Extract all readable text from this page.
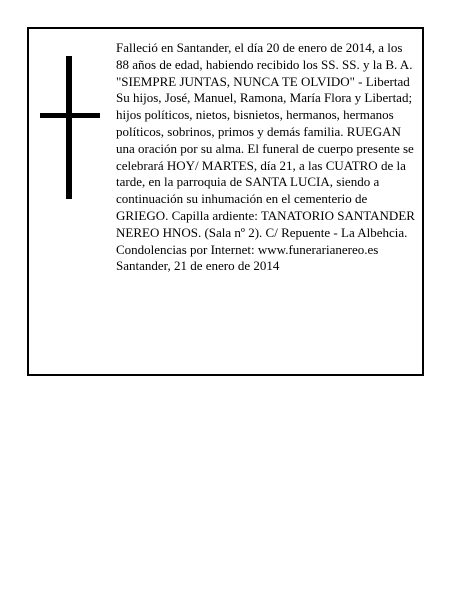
Falleció en Santander, el día 20 de enero de 2014, a los 88 años de edad, habiendo recibido los SS. SS. y la B. A.

"SIEMPRE JUNTAS, NUNCA TE OLVIDO" - Libertad

Su hijos, José, Manuel, Ramona, María Flora y Libertad; hijos políticos, nietos, bisnietos, hermanos, hermanos políticos, sobrinos, primos y demás familia. RUEGAN una oración por su alma. El funeral de cuerpo presente se celebrará HOY/ MARTES, día 21, a las CUATRO de la tarde, en la parroquia de SANTA LUCIA, siendo a continuación su inhumación en el cementerio de GRIEGO. Capilla ardiente: TANATORIO SANTANDER NEREO HNOS. (Sala nº 2). C/ Repuente - La Albehcia.

Condolencias por Internet: www.funerarianereo.es

Santander, 21 de enero de 2014
